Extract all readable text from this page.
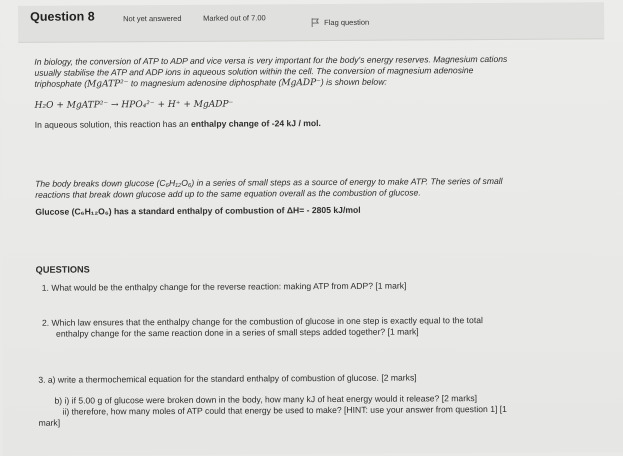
Question 8	Not yet answered	Marked out of 7.00	Flag question
In biology, the conversion of ATP to ADP and vice versa is very important for the body's energy reserves. Magnesium cations
usually stabilise the ATP and ADP ions in aqueous solution within the cell. The conversion of magnesium adenosine
triphosphate (MgATP²⁻ to magnesium adenosine diphosphate (MgADP⁻) is shown below:
H₂O + MgATP²⁻ → HPO₄²⁻ + H⁺ + MgADP⁻
In aqueous solution, this reaction has an enthalpy change of -24 kJ / mol.
The body breaks down glucose (C₆H₁₂O₆) in a series of small steps as a source of energy to make ATP. The series of small
reactions that break down glucose add up to the same equation overall as the combustion of glucose.
Glucose (C₆H₁₂O₆) has a standard enthalpy of combustion of ΔH= - 2805 kJ/mol
QUESTIONS
1. What would be the enthalpy change for the reverse reaction: making ATP from ADP? [1 mark]
2. Which law ensures that the enthalpy change for the combustion of glucose in one step is exactly equal to the total
enthalpy change for the same reaction done in a series of small steps added together? [1 mark]
3. a) write a thermochemical equation for the standard enthalpy of combustion of glucose. [2 marks]
b) i) if 5.00 g of glucose were broken down in the body, how many kJ of heat energy would it release? [2 marks]
ii) therefore, how many moles of ATP could that energy be used to make? [HINT: use your answer from question 1] [1
mark]
